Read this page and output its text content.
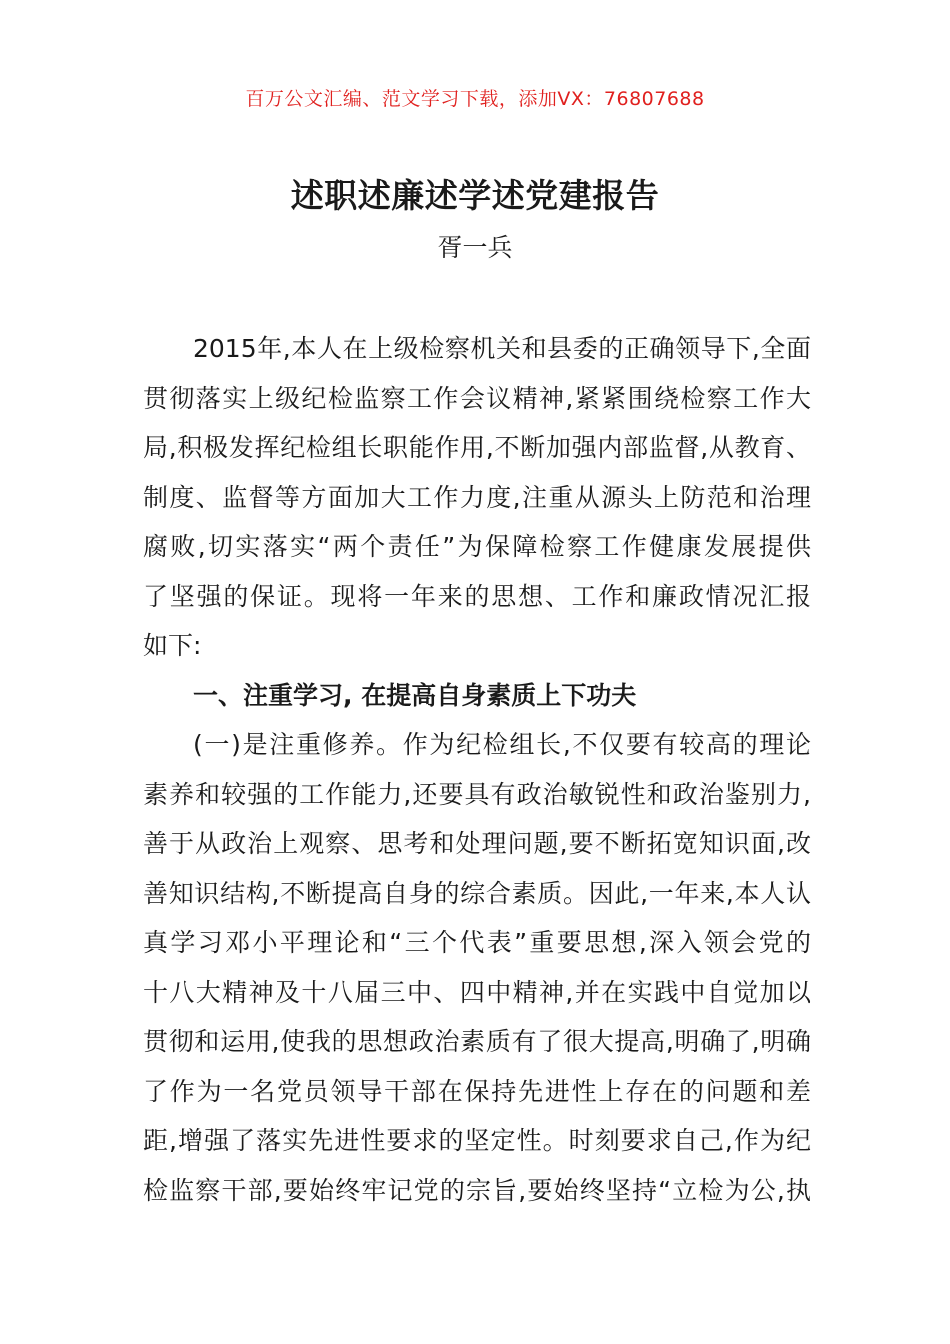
百万公文汇编、范文学习下载，添加VX：76807688
述职述廉述学述党建报告
胥一兵
2015年,本人在上级检察机关和县委的正确领导下,全面
贯彻落实上级纪检监察工作会议精神,紧紧围绕检察工作大
局,积极发挥纪检组长职能作用,不断加强内部监督,从教育、
制度、监督等方面加大工作力度,注重从源头上防范和治理
腐败,切实落实“两个责任”为保障检察工作健康发展提供
了坚强的保证。现将一年来的思想、工作和廉政情况汇报
如下:
一、注重学习, 在提高自身素质上下功夫
(一)是注重修养。作为纪检组长,不仅要有较高的理论
素养和较强的工作能力,还要具有政治敏锐性和政治鉴别力,
善于从政治上观察、思考和处理问题,要不断拓宽知识面,改
善知识结构,不断提高自身的综合素质。因此,一年来,本人认
真学习邓小平理论和“三个代表”重要思想,深入领会党的
十八大精神及十八届三中、四中精神,并在实践中自觉加以
贯彻和运用,使我的思想政治素质有了很大提高,明确了,明确
了作为一名党员领导干部在保持先进性上存在的问题和差
距,增强了落实先进性要求的坚定性。时刻要求自己,作为纪
检监察干部,要始终牢记党的宗旨,要始终坚持“立检为公,执
